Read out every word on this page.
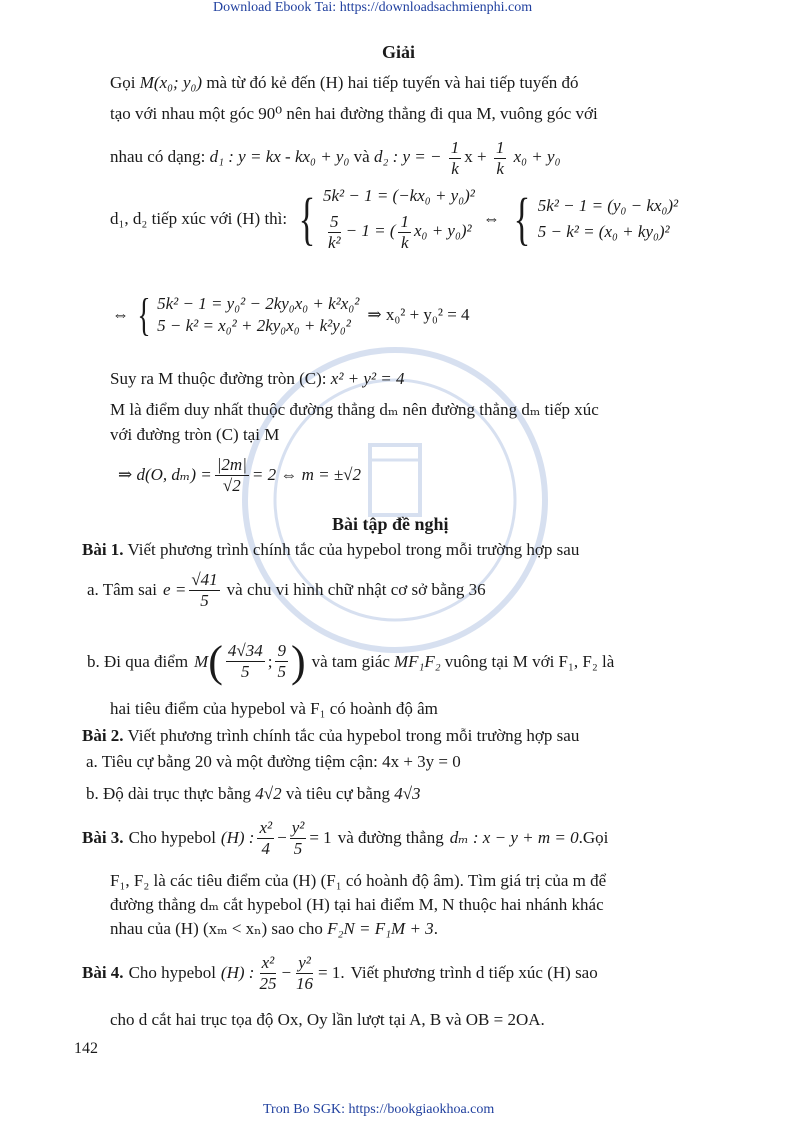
Download Ebook Tai: https://downloadsachmienphi.com
Giải
Gọi M(x₀; y₀) mà từ đó kẻ đến (H) hai tiếp tuyến và hai tiếp tuyến đó
tạo với nhau một góc 90⁰ nên hai đường thẳng đi qua M, vuông góc với
nhau có dạng: d₁ : y = kx - kx₀ + y₀ và d₂ : y = − $\frac{1}{k}$ $x + \frac{1}{k} x_0 + y_0$
d₁, d₂ tiếp xúc với (H) thì: { 5k² − 1 = (−kx₀ + y₀)²
$\frac{5}{\text{k²}} - 1$ = ( $\frac{1}{k} x_0 + y_0)^2$
⇔ { 5k² − 1 = (y₀ − kx₀)²
5 − k² = (x₀ + ky₀)²
⇔ { 5k² − 1 = y₀² − 2ky₀x₀ + k²x₀²
5 − k² = x₀² + 2ky₀x₀ + k²y₀²
⇒ x₀² + y₀² = 4
Suy ra M thuộc đường tròn (C): x² + y² = 4
M là điểm duy nhất thuộc đường thẳng dₘ nên đường thẳng dₘ tiếp xúc
với đường tròn (C) tại M
⇒ d(O, $d_m) = \frac{|2m|}{√2} = 2$ ⇔ m = ±√2
Bài tập đề nghị
Bài 1. Viết phương trình chính tắc của hypebol trong mỗi trường hợp sau
a. Tâm sai $e = \frac{√41}{5}$ và chu vi hình chữ nhật cơ sở bằng 36
b. Đi qua điểm M ( $\frac{4√34}{5}$ ; $\frac{9}{5}$ ) và tam giác MF₁F₂ vuông tại M với F₁, F₂ là
hai tiêu điểm của hypebol và F₁ có hoành độ âm
Bài 2. Viết phương trình chính tắc của hypebol trong mỗi trường hợp sau
a. Tiêu cự bằng 20 và một đường tiệm cận: 4x + 3y = 0
b. Độ dài trục thực bằng 4√2 và tiêu cự bằng 4√3
Bài 3. Cho hypebol (H) : $\frac{\text{x²}}{4} - \frac{\text{y²}}{5} = 1$ và đường thẳng dₘ : x − y + m = 0 .Gọi
F₁, F₂ là các tiêu điểm của (H) (F₁ có hoành độ âm). Tìm giá trị của m để
đường thẳng dₘ cắt hypebol (H) tại hai điểm M, N thuộc hai nhánh khác
nhau của (H) (xₘ < xₙ) sao cho F₂N = F₁M + 3.
Bài 4. Cho hypebol (H) : $\frac{\text{x²}}{25} - \frac{\text{y²}}{16} = 1$. Viết phương trình d tiếp xúc (H) sao
cho d cắt hai trục tọa độ Ox, Oy lần lượt tại A, B và OB = 2OA.
142
Tron Bo SGK: https://bookgiaokhoa.com
